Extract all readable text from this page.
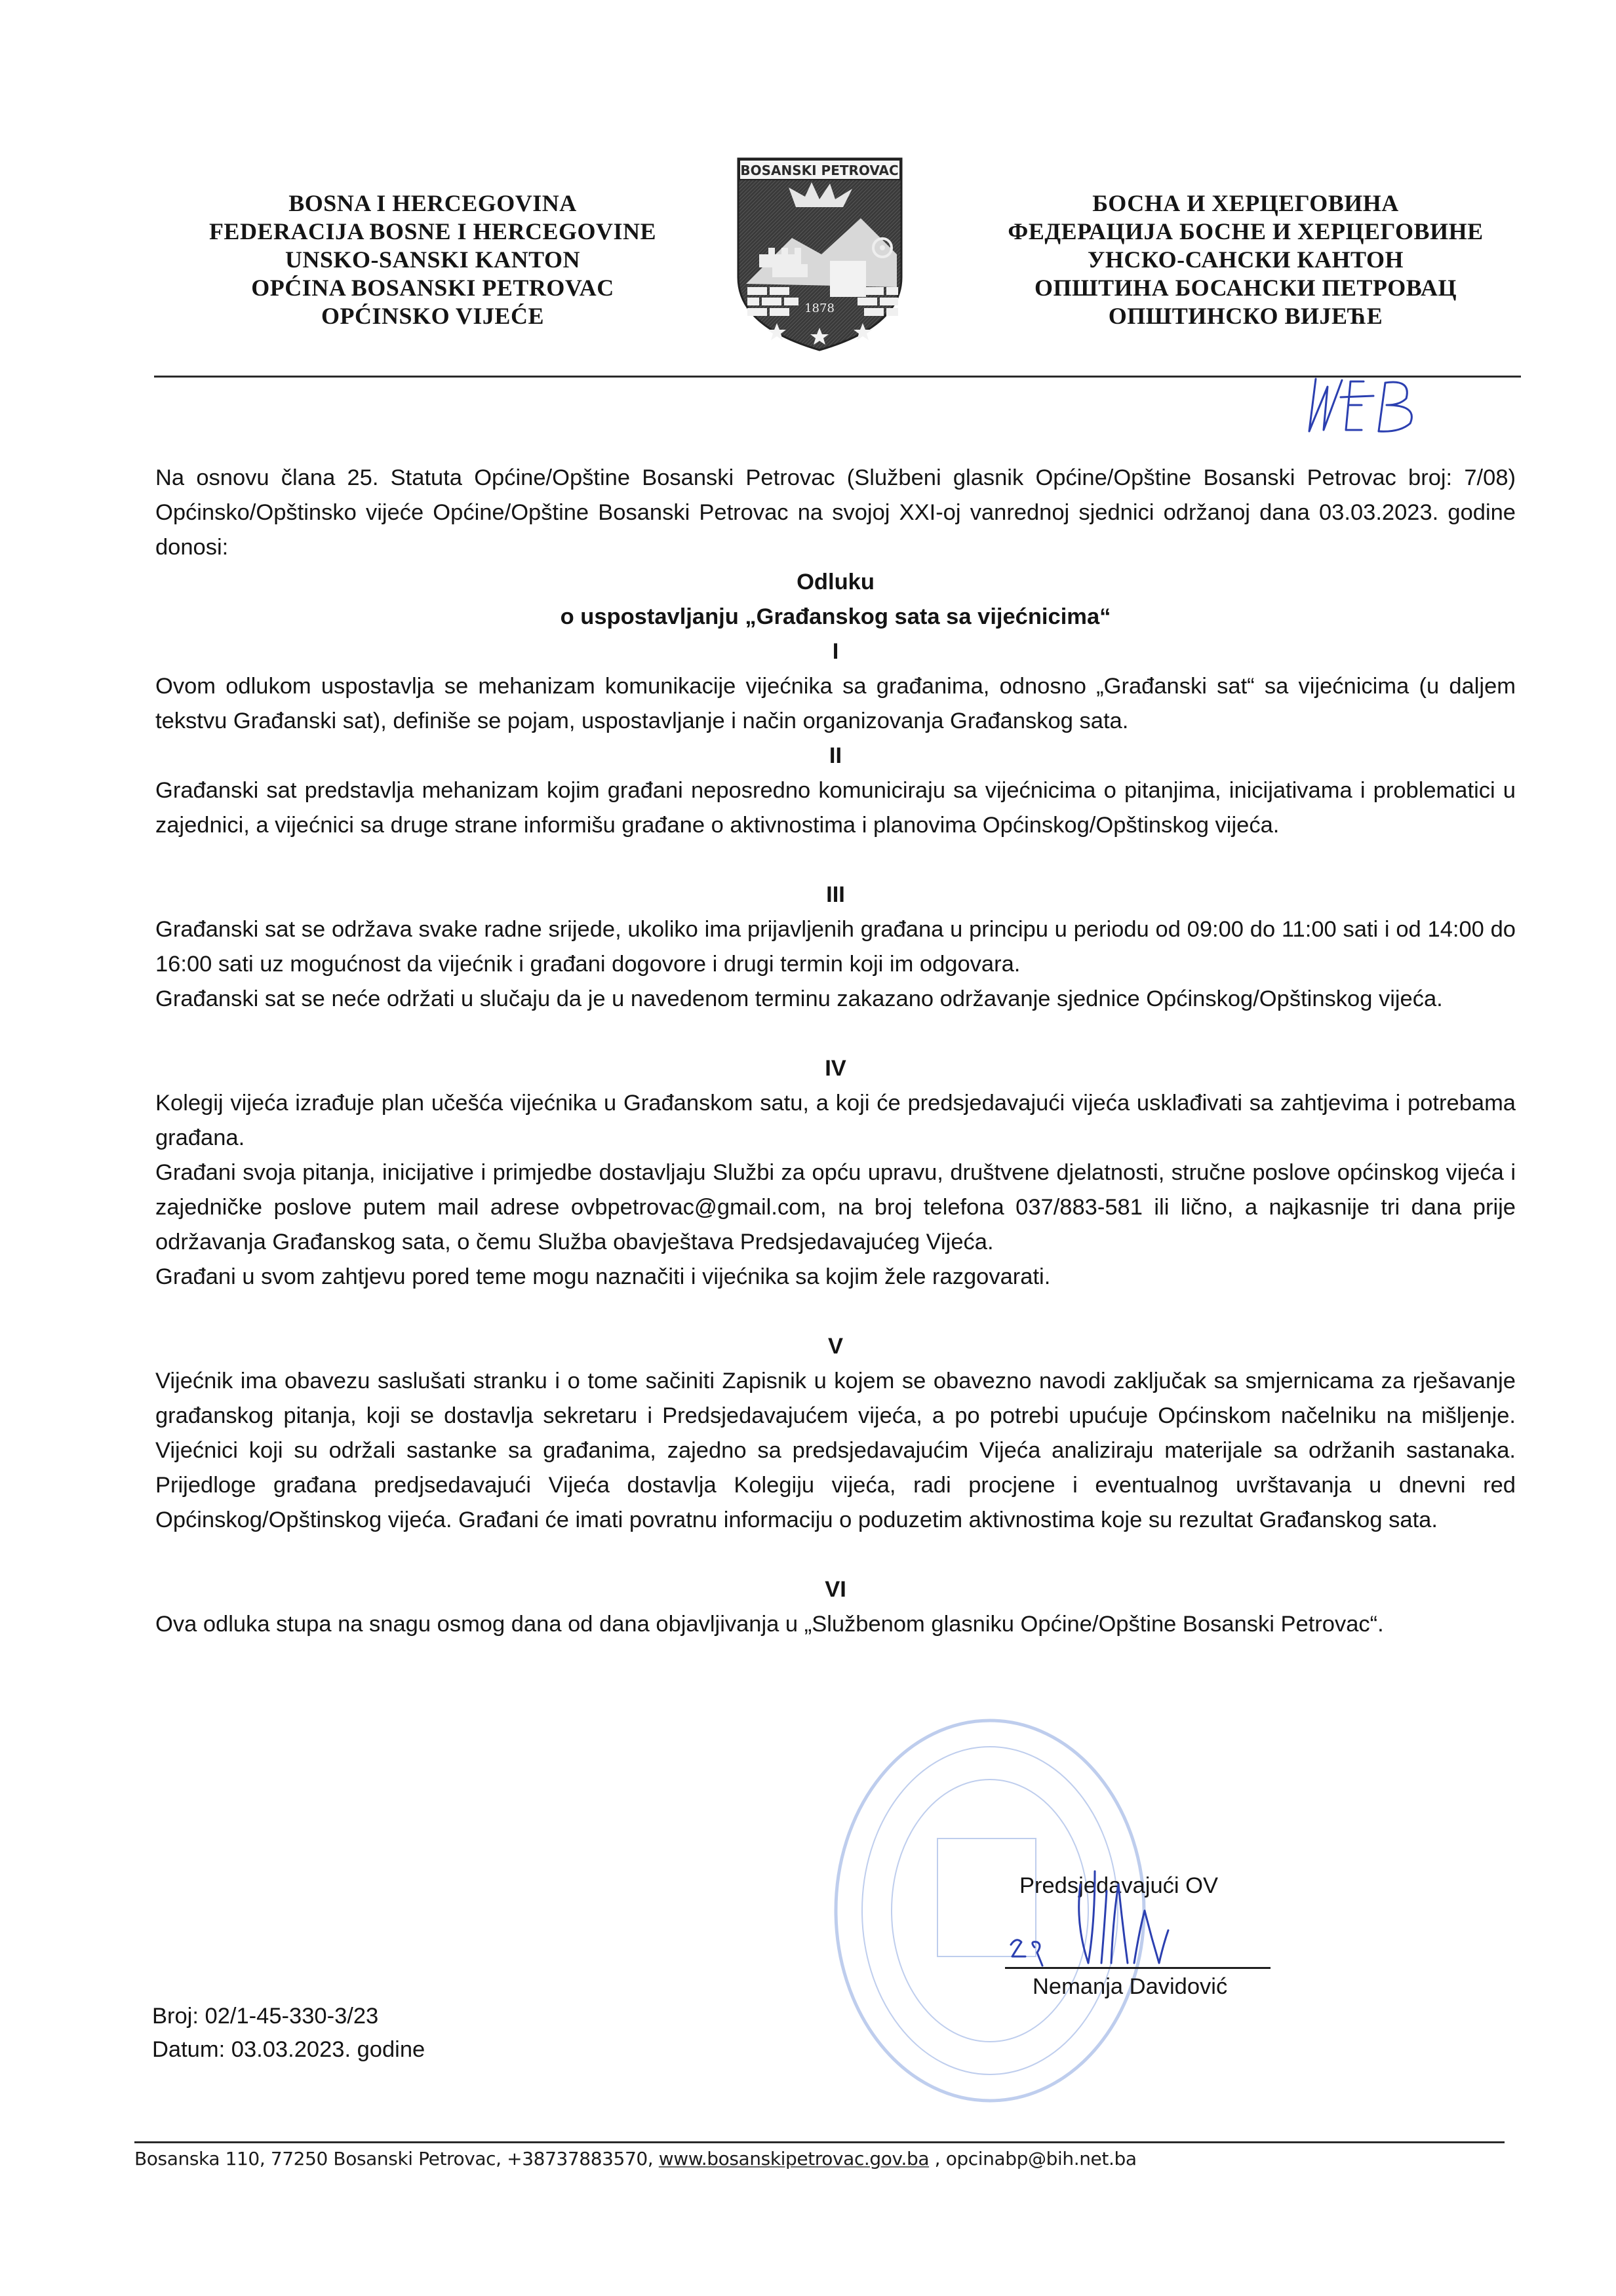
BOSNA I HERCEGOVINA
FEDERACIJA BOSNE I HERCEGOVINE
UNSKO-SANSKI KANTON
OPĆINA BOSANSKI PETROVAC
OPĆINSKO VIJEĆE
BOSANSKI PETROVAC
1878
БОСНА И ХЕРЦЕГОВИНА
ФЕДЕРАЦИЈА БОСНЕ И ХЕРЦЕГОВИНЕ
УНСКО-САНСКИ КАНТОН
ОПШТИНА БОСАНСКИ ПЕТРОВАЦ
ОПШТИНСКО ВИЈЕЋЕ

Na osnovu člana 25. Statuta Općine/Opštine Bosanski Petrovac (Službeni glasnik Općine/Opštine Bosanski Petrovac broj: 7/08) Općinsko/Opštinsko vijeće Općine/Opštine Bosanski Petrovac na svojoj XXI-oj vanrednoj sjednici održanoj dana 03.03.2023. godine donosi:

Odluku

o uspostavljanju „Građanskog sata sa vijećnicima“

I

Ovom odlukom uspostavlja se mehanizam komunikacije vijećnika sa građanima, odnosno „Građanski sat“ sa vijećnicima (u daljem tekstvu Građanski sat), definiše se pojam, uspostavljanje i način organizovanja Građanskog sata.

II

Građanski sat predstavlja mehanizam kojim građani neposredno komuniciraju sa vijećnicima o pitanjima, inicijativama i problematici u zajednici, a vijećnici sa druge strane informišu građane o aktivnostima i planovima Općinskog/Opštinskog vijeća.

III

Građanski sat se održava svake radne srijede, ukoliko ima prijavljenih građana u principu u periodu od 09:00 do 11:00 sati i od 14:00 do 16:00 sati uz mogućnost da vijećnik i građani dogovore i drugi termin koji im odgovara.

Građanski sat se neće održati u slučaju da je u navedenom terminu zakazano održavanje sjednice Općinskog/Opštinskog vijeća.

IV

Kolegij vijeća izrađuje plan učešća vijećnika u Građanskom satu, a koji će predsjedavajući vijeća usklađivati sa zahtjevima i potrebama građana.

Građani svoja pitanja, inicijative i primjedbe dostavljaju Službi za opću upravu, društvene djelatnosti, stručne poslove općinskog vijeća i zajedničke poslove putem mail adrese ovbpetrovac@gmail.com, na broj telefona 037/883-581 ili lično, a najkasnije tri dana prije održavanja Građanskog sata, o čemu Služba obavještava Predsjedavajućeg Vijeća.

Građani u svom zahtjevu pored teme mogu naznačiti i vijećnika sa kojim žele razgovarati.

V

Vijećnik ima obavezu saslušati stranku i o tome sačiniti Zapisnik u kojem se obavezno navodi zaključak sa smjernicama za rješavanje građanskog pitanja, koji se dostavlja sekretaru i Predsjedavajućem vijeća, a po potrebi upućuje Općinskom načelniku na mišljenje. Vijećnici koji su održali sastanke sa građanima, zajedno sa predsjedavajućim Vijeća analiziraju materijale sa održanih sastanaka. Prijedloge građana predjsedavajući Vijeća dostavlja Kolegiju vijeća, radi procjene i eventualnog uvrštavanja u dnevni red Općinskog/Opštinskog vijeća. Građani će imati povratnu informaciju o poduzetim aktivnostima koje su rezultat Građanskog sata.

VI

Ova odluka stupa na snagu osmog dana od dana objavljivanja u „Službenom glasniku Općine/Opštine Bosanski Petrovac“.

Predsjedavajući OV
Nemanja Davidović
Broj: 02/1-45-330-3/23
Datum: 03.03.2023. godine
Bosanska 110, 77250 Bosanski Petrovac, +38737883570, www.bosanskipetrovac.gov.ba , opcinabp@bih.net.ba
